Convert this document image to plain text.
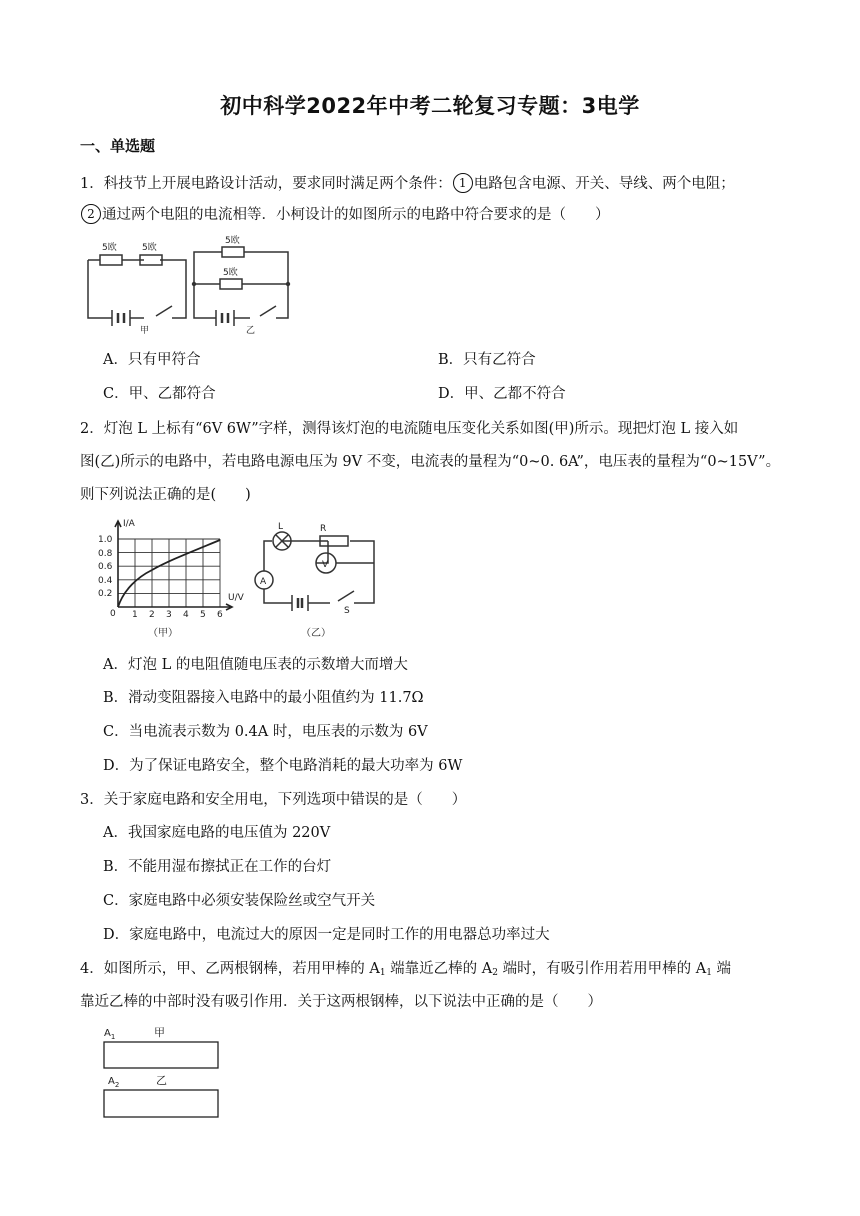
初中科学2022年中考二轮复习专题：3电学
一、单选题
1．科技节上开展电路设计活动，要求同时满足两个条件： 1 电路包含电源、开关、导线、两个电阻；
2 通过两个电阻的电流相等．小柯设计的如图所示的电路中符合要求的是（　　）
5欧	5欧
5欧
5欧
甲	乙
A．只有甲符合	B．只有乙符合
C．甲、乙都符合	D．甲、乙都不符合
2．灯泡 L 上标有“6V 6W”字样，测得该灯泡的电流随电压变化关系如图(甲)所示。现把灯泡 L 接入如
图(乙)所示的电路中，若电路电源电压为 9V 不变，电流表的量程为“0~0. 6A”，电压表的量程为“0~15V”。
则下列说法正确的是(　　)
I/A
U/V
1.0
0.8
0.6
0.4
0.2
0 1 2 3 4 5 6
（甲）
L	R
A
V
S
（乙）
A．灯泡 L 的电阻值随电压表的示数增大而增大
B．滑动变阻器接入电路中的最小阻值约为 11.7Ω
C．当电流表示数为 0.4A 时，电压表的示数为 6V
D．为了保证电路安全，整个电路消耗的最大功率为 6W
3．关于家庭电路和安全用电，下列选项中错误的是（　　）
A．我国家庭电路的电压值为 220V
B．不能用湿布擦拭正在工作的台灯
C．家庭电路中必须安装保险丝或空气开关
D．家庭电路中，电流过大的原因一定是同时工作的用电器总功率过大
4．如图所示，甲、乙两根钢棒，若用甲棒的 $A_1$ 端靠近乙棒的 $A_2$ 端时，有吸引作用若用甲棒的 $A_1$ 端
靠近乙棒的中部时没有吸引作用．关于这两根钢棒，以下说法中正确的是（　　）
$A_1$	甲
$A_2$	乙
